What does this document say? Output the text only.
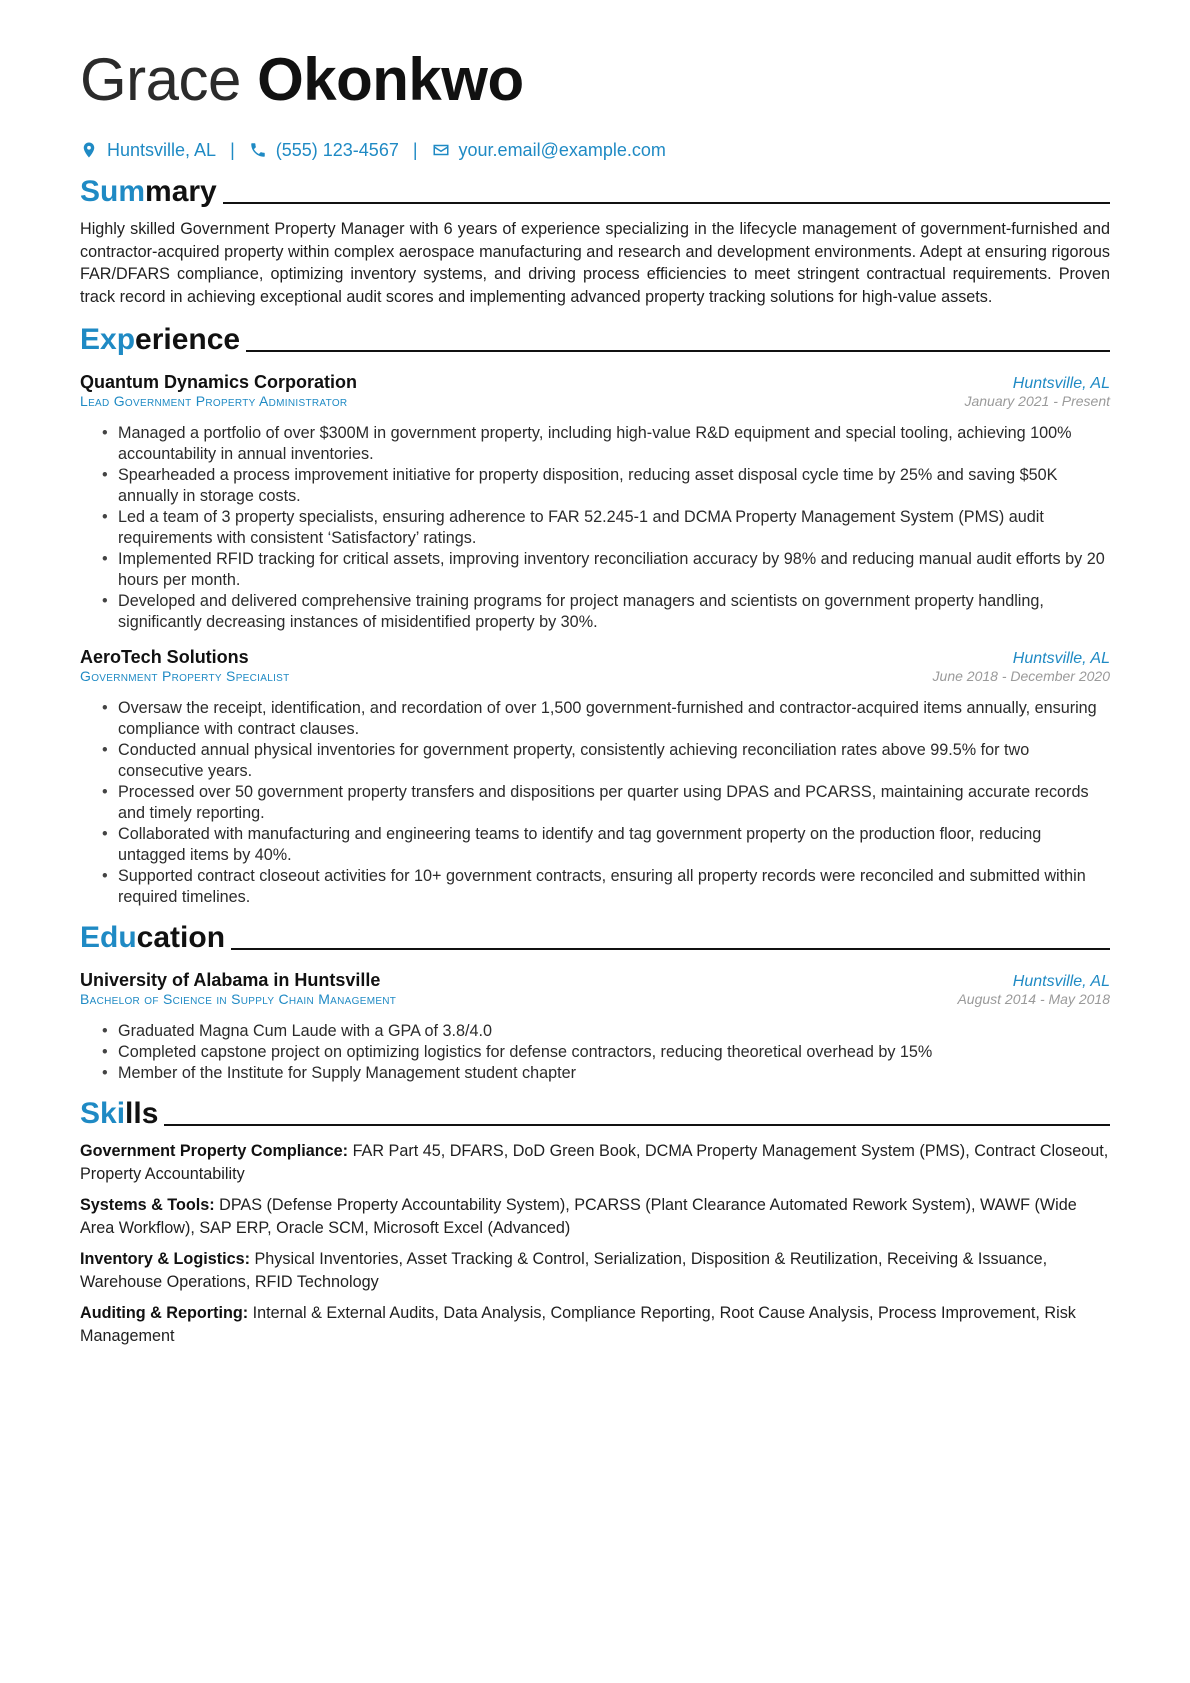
Grace Okonkwo
Huntsville, AL | (555) 123-4567 | your.email@example.com
Summary
Highly skilled Government Property Manager with 6 years of experience specializing in the lifecycle management of government-furnished and contractor-acquired property within complex aerospace manufacturing and research and development environments. Adept at ensuring rigorous FAR/DFARS compliance, optimizing inventory systems, and driving process efficiencies to meet stringent contractual requirements. Proven track record in achieving exceptional audit scores and implementing advanced property tracking solutions for high-value assets.
Experience
Quantum Dynamics Corporation	Huntsville, AL
Lead Government Property Administrator	January 2021 - Present
• Managed a portfolio of over $300M in government property, including high-value R&D equipment and special tooling, achieving 100% accountability in annual inventories.
• Spearheaded a process improvement initiative for property disposition, reducing asset disposal cycle time by 25% and saving $50K annually in storage costs.
• Led a team of 3 property specialists, ensuring adherence to FAR 52.245-1 and DCMA Property Management System (PMS) audit requirements with consistent ‘Satisfactory’ ratings.
• Implemented RFID tracking for critical assets, improving inventory reconciliation accuracy by 98% and reducing manual audit efforts by 20 hours per month.
• Developed and delivered comprehensive training programs for project managers and scientists on government property handling, significantly decreasing instances of misidentified property by 30%.
AeroTech Solutions	Huntsville, AL
Government Property Specialist	June 2018 - December 2020
• Oversaw the receipt, identification, and recordation of over 1,500 government-furnished and contractor-acquired items annually, ensuring compliance with contract clauses.
• Conducted annual physical inventories for government property, consistently achieving reconciliation rates above 99.5% for two consecutive years.
• Processed over 50 government property transfers and dispositions per quarter using DPAS and PCARSS, maintaining accurate records and timely reporting.
• Collaborated with manufacturing and engineering teams to identify and tag government property on the production floor, reducing untagged items by 40%.
• Supported contract closeout activities for 10+ government contracts, ensuring all property records were reconciled and submitted within required timelines.
Education
University of Alabama in Huntsville	Huntsville, AL
Bachelor of Science in Supply Chain Management	August 2014 - May 2018
• Graduated Magna Cum Laude with a GPA of 3.8/4.0
• Completed capstone project on optimizing logistics for defense contractors, reducing theoretical overhead by 15%
• Member of the Institute for Supply Management student chapter
Skills
Government Property Compliance: FAR Part 45, DFARS, DoD Green Book, DCMA Property Management System (PMS), Contract Closeout, Property Accountability
Systems & Tools: DPAS (Defense Property Accountability System), PCARSS (Plant Clearance Automated Rework System), WAWF (Wide Area Workflow), SAP ERP, Oracle SCM, Microsoft Excel (Advanced)
Inventory & Logistics: Physical Inventories, Asset Tracking & Control, Serialization, Disposition & Reutilization, Receiving & Issuance, Warehouse Operations, RFID Technology
Auditing & Reporting: Internal & External Audits, Data Analysis, Compliance Reporting, Root Cause Analysis, Process Improvement, Risk Management
